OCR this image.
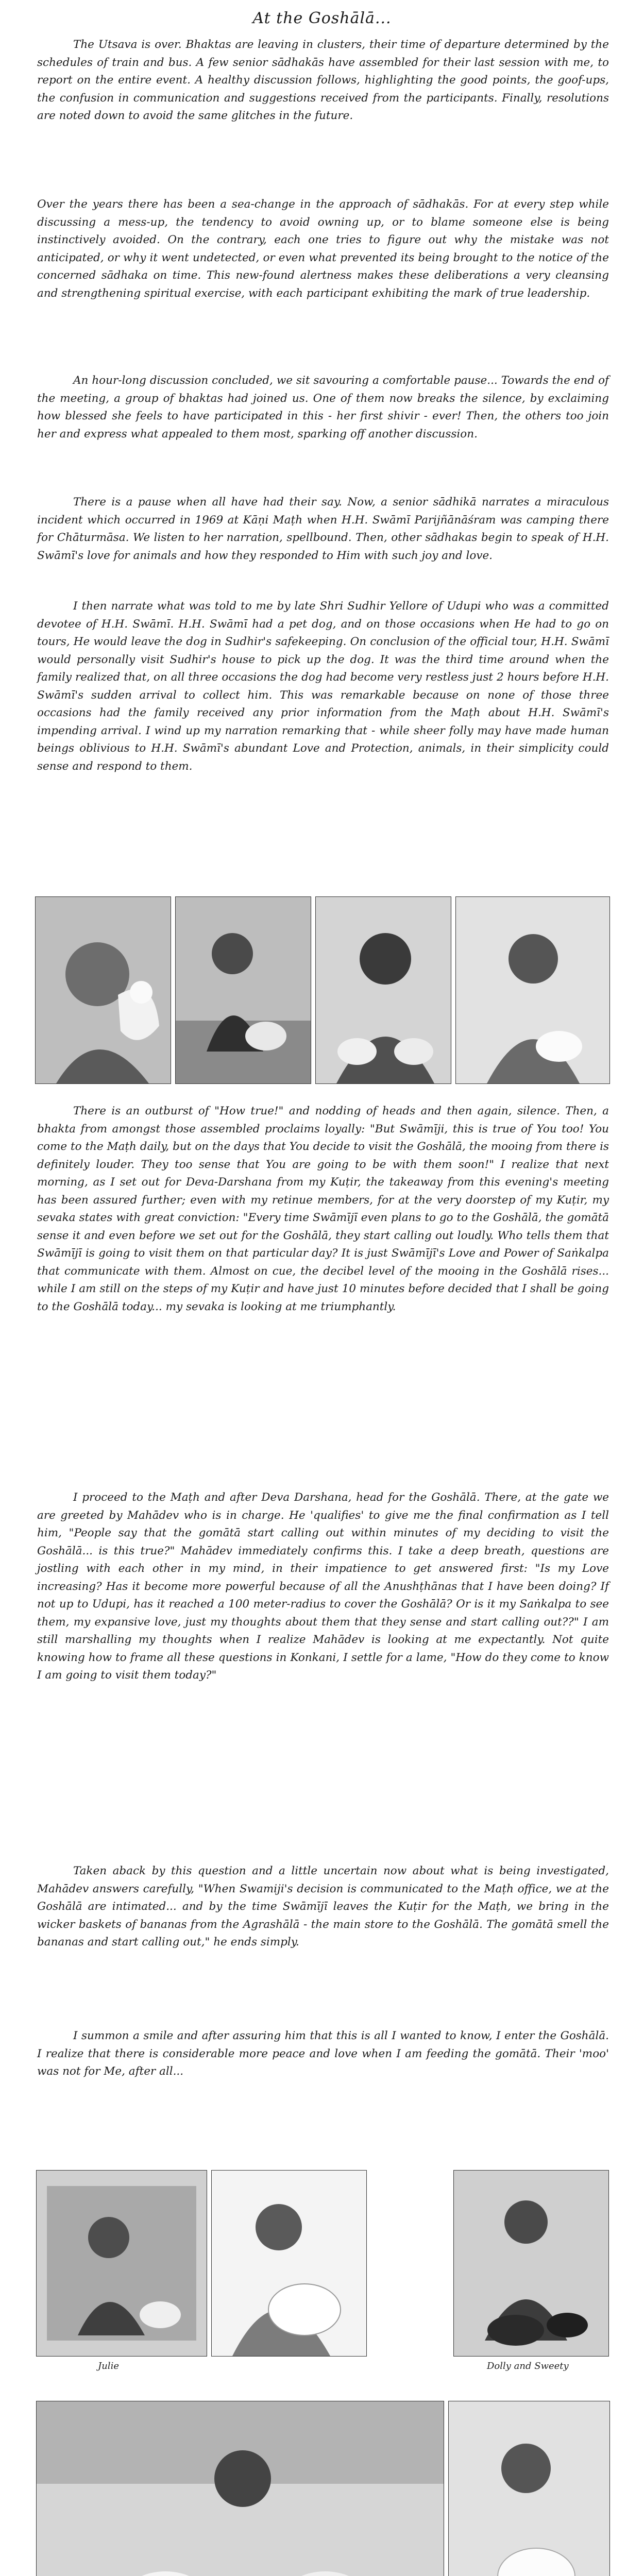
At the Goshālā...

The Utsava is over. Bhaktas are leaving in clusters, their time of departure determined by the schedules of train and bus. A few senior sādhakās have assembled for their last session with me, to report on the entire event. A healthy discussion follows, highlighting the good points, the goof-ups, the confusion in communication and suggestions received from the participants. Finally, resolutions are noted down to avoid the same glitches in the future.

Over the years there has been a sea-change in the approach of sādhakās. For at every step while discussing a mess-up, the tendency to avoid owning up, or to blame someone else is being instinctively avoided. On the contrary, each one tries to figure out why the mistake was not anticipated, or why it went undetected, or even what prevented its being brought to the notice of the concerned sādhaka on time. This new-found alertness makes these deliberations a very cleansing and strengthening spiritual exercise, with each participant exhibiting the mark of true leadership.

An hour-long discussion concluded, we sit savouring a comfortable pause... Towards the end of the meeting, a group of bhaktas had joined us. One of them now breaks the silence, by exclaiming how blessed she feels to have participated in this - her first shivir - ever! Then, the others too join her and express what appealed to them most, sparking off another discussion.

There is a pause when all have had their say. Now, a senior sādhikā narrates a miraculous incident which occurred in 1969 at Kāṇi Maṭh when H.H. Swāmī Parijñānāśram was camping there for Chāturmāsa. We listen to her narration, spellbound. Then, other sādhakas begin to speak of H.H. Swāmī's love for animals and how they responded to Him with such joy and love.

I then narrate what was told to me by late Shri Sudhir Yellore of Udupi who was a committed devotee of H.H. Swāmī. H.H. Swāmī had a pet dog, and on those occasions when He had to go on tours, He would leave the dog in Sudhir's safekeeping. On conclusion of the official tour, H.H. Swāmī would personally visit Sudhir's house to pick up the dog. It was the third time around when the family realized that, on all three occasions the dog had become very restless just 2 hours before H.H. Swāmī's sudden arrival to collect him. This was remarkable because on none of those three occasions had the family received any prior information from the Maṭh about H.H. Swāmī's impending arrival. I wind up my narration remarking that - while sheer folly may have made human beings oblivious to H.H. Swāmī's abundant Love and Protection, animals, in their simplicity could sense and respond to them.

There is an outburst of "How true!" and nodding of heads and then again, silence. Then, a bhakta from amongst those assembled proclaims loyally: "But Swāmīji, this is true of You too! You come to the Maṭh daily, but on the days that You decide to visit the Goshālā, the mooing from there is definitely louder. They too sense that You are going to be with them soon!" I realize that next morning, as I set out for Deva-Darshana from my Kuṭir, the takeaway from this evening's meeting has been assured further; even with my retinue members, for at the very doorstep of my Kuṭir, my sevaka states with great conviction: "Every time Swāmījī even plans to go to the Goshālā, the gomātā sense it and even before we set out for the Goshālā, they start calling out loudly. Who tells them that Swāmījī is going to visit them on that particular day? It is just Swāmījī's Love and Power of Saṅkalpa that communicate with them. Almost on cue, the decibel level of the mooing in the Goshālā rises... while I am still on the steps of my Kuṭir and have just 10 minutes before decided that I shall be going to the Goshālā today... my sevaka is looking at me triumphantly.

I proceed to the Maṭh and after Deva Darshana, head for the Goshālā. There, at the gate we are greeted by Mahādev who is in charge. He 'qualifies' to give me the final confirmation as I tell him, "People say that the gomātā start calling out within minutes of my deciding to visit the Goshālā... is this true?" Mahādev immediately confirms this. I take a deep breath, questions are jostling with each other in my mind, in their impatience to get answered first: "Is my Love increasing? Has it become more powerful because of all the Anushṭhānas that I have been doing? If not up to Udupi, has it reached a 100 meter-radius to cover the Goshālā? Or is it my Saṅkalpa to see them, my expansive love, just my thoughts about them that they sense and start calling out??" I am still marshalling my thoughts when I realize Mahādev is looking at me expectantly. Not quite knowing how to frame all these questions in Konkani, I settle for a lame, "How do they come to know I am going to visit them today?"

Taken aback by this question and a little uncertain now about what is being investigated, Mahādev answers carefully, "When Swamiji's decision is communicated to the Maṭh office, we at the Goshālā are intimated... and by the time Swāmījī leaves the Kuṭir for the Maṭh, we bring in the wicker baskets of bananas from the Agrashālā - the main store to the Goshālā. The gomātā smell the bananas and start calling out," he ends simply.

I summon a smile and after assuring him that this is all I wanted to know, I enter the Goshālā. I realize that there is considerable more peace and love when I am feeding the gomātā. Their 'moo' was not for Me, after all...

Julie	Dolly and Sweety
